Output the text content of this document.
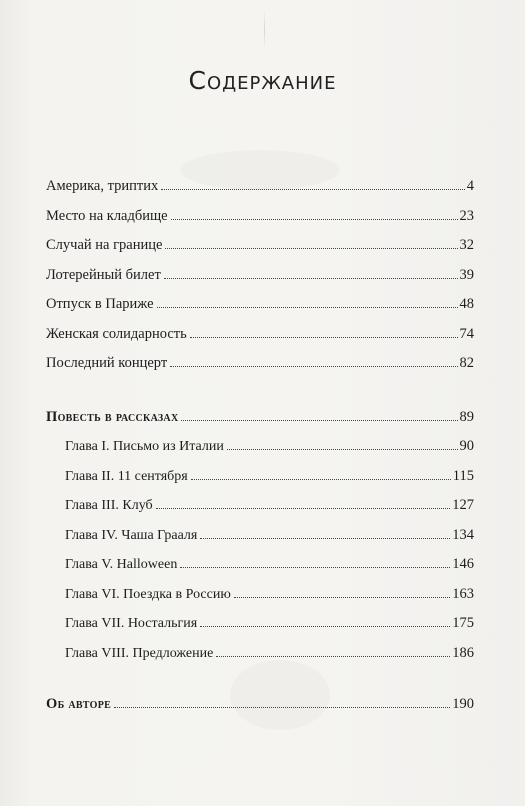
Содержание
Америка, триптих	4
Место на кладбище	23
Случай на границе	32
Лотерейный билет	39
Отпуск в Париже	48
Женская солидарность	74
Последний концерт	82
Повесть в рассказах	89
Глава I. Письмо из Италии	90
Глава II. 11 сентября	115
Глава III. Клуб	127
Глава IV. Чаша Грааля	134
Глава V. Halloween	146
Глава VI. Поездка в Россию	163
Глава VII. Ностальгия	175
Глава VIII. Предложение	186
Об авторе	190
